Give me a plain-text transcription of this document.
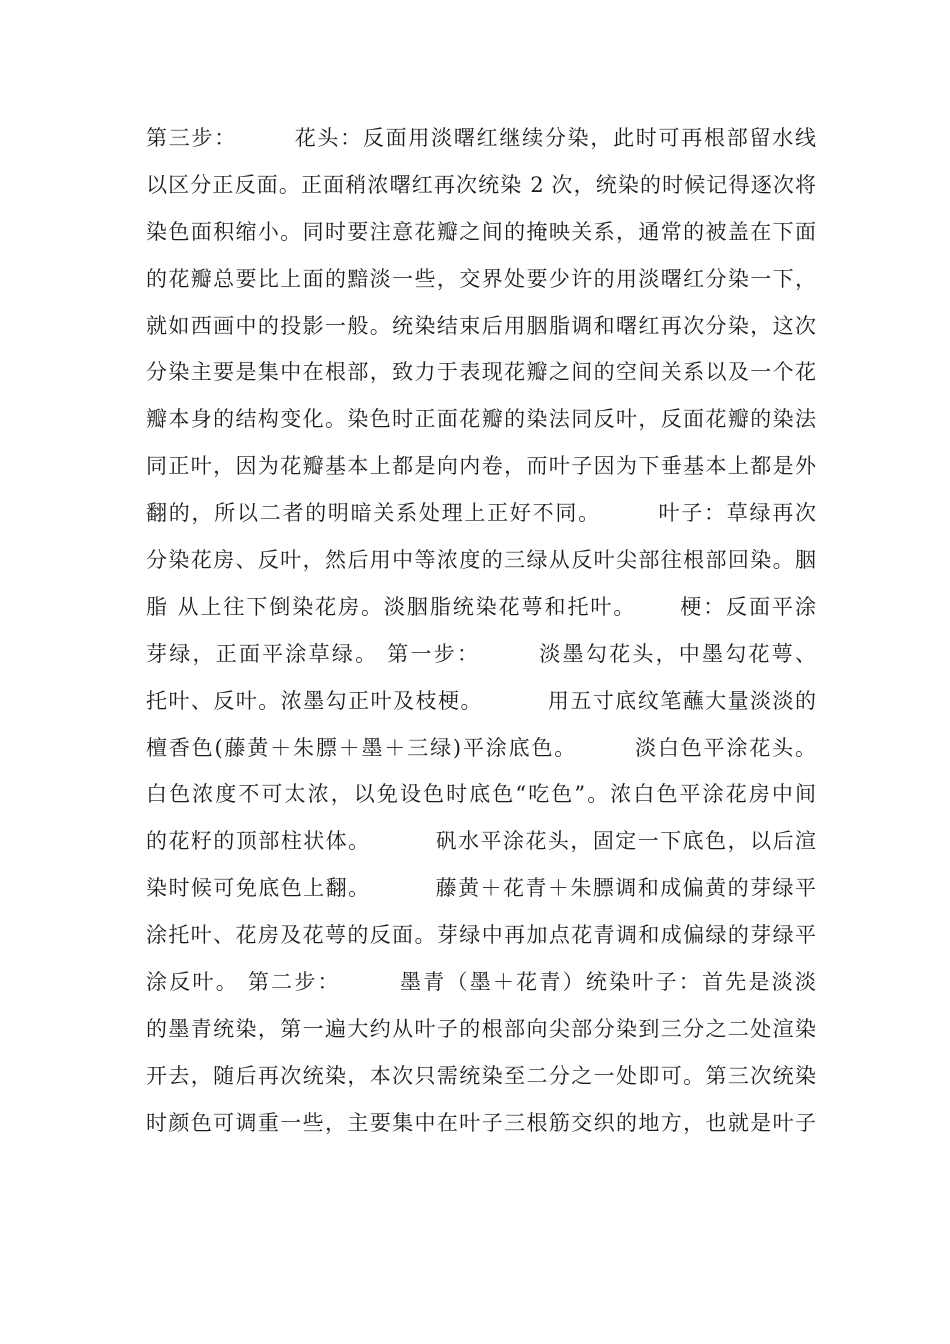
第三步：　　　花头：反面用淡曙红继续分染，此时可再根部留水线
以区分正反面。正面稍浓曙红再次统染 2 次，统染的时候记得逐次将
染色面积缩小。同时要注意花瓣之间的掩映关系，通常的被盖在下面
的花瓣总要比上面的黯淡一些，交界处要少许的用淡曙红分染一下，
就如西画中的投影一般。统染结束后用胭脂调和曙红再次分染，这次
分染主要是集中在根部，致力于表现花瓣之间的空间关系以及一个花
瓣本身的结构变化。染色时正面花瓣的染法同反叶，反面花瓣的染法
同正叶，因为花瓣基本上都是向内卷，而叶子因为下垂基本上都是外
翻的，所以二者的明暗关系处理上正好不同。　　　叶子：草绿再次
分染花房、反叶，然后用中等浓度的三绿从反叶尖部往根部回染。胭
脂 从上往下倒染花房。淡胭脂统染花萼和托叶。　　 梗：反面平涂
芽绿，正面平涂草绿。 第一步：　　　淡墨勾花头，中墨勾花萼、
托叶、反叶。浓墨勾正叶及枝梗。　　　 用五寸底纹笔蘸大量淡淡的
檀香色(藤黄＋朱膘＋墨＋三绿)平涂底色。　　　淡白色平涂花头。
白色浓度不可太浓，以免设色时底色“吃色”。浓白色平涂花房中间
的花籽的顶部柱状体。　　　 矾水平涂花头，固定一下底色，以后渲
染时候可免底色上翻。　　　 藤黄＋花青＋朱膘调和成偏黄的芽绿平
涂托叶、花房及花萼的反面。芽绿中再加点花青调和成偏绿的芽绿平
涂反叶。 第二步：　　　墨青（墨＋花青）统染叶子：首先是淡淡
的墨青统染，第一遍大约从叶子的根部向尖部分染到三分之二处渲染
开去，随后再次统染，本次只需统染至二分之一处即可。第三次统染
时颜色可调重一些，主要集中在叶子三根筋交织的地方，也就是叶子
